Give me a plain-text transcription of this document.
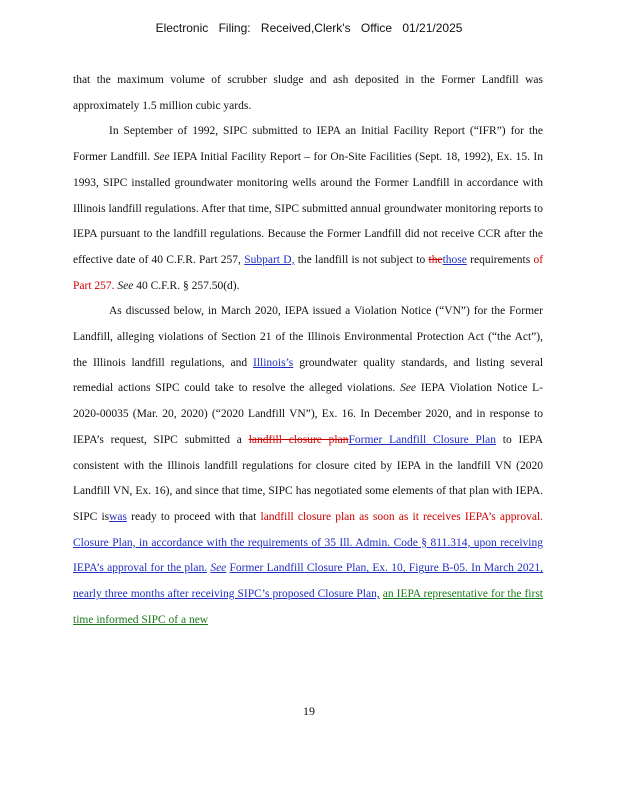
Electronic Filing: Received,Clerk's Office 01/21/2025

that the maximum volume of scrubber sludge and ash deposited in the Former Landfill was approximately 1.5 million cubic yards.

In September of 1992, SIPC submitted to IEPA an Initial Facility Report (“IFR”) for the Former Landfill. See IEPA Initial Facility Report – for On-Site Facilities (Sept. 18, 1992), Ex. 15. In 1993, SIPC installed groundwater monitoring wells around the Former Landfill in accordance with Illinois landfill regulations. After that time, SIPC submitted annual groundwater monitoring reports to IEPA pursuant to the landfill regulations. Because the Former Landfill did not receive CCR after the effective date of 40 C.F.R. Part 257, Subpart D, the landfill is not subject to thethose requirements of Part 257. See 40 C.F.R. § 257.50(d).

As discussed below, in March 2020, IEPA issued a Violation Notice (“VN”) for the Former Landfill, alleging violations of Section 21 of the Illinois Environmental Protection Act (“the Act”), the Illinois landfill regulations, and Illinois’s groundwater quality standards, and listing several remedial actions SIPC could take to resolve the alleged violations. See IEPA Violation Notice L-2020-00035 (Mar. 20, 2020) (“2020 Landfill VN”), Ex. 16. In December 2020, and in response to IEPA’s request, SIPC submitted a landfill closure planFormer Landfill Closure Plan to IEPA consistent with the Illinois landfill regulations for closure cited by IEPA in the landfill VN (2020 Landfill VN, Ex. 16), and since that time, SIPC has negotiated some elements of that plan with IEPA. SIPC iswas ready to proceed with that landfill closure plan as soon as it receives IEPA’s approval. Closure Plan, in accordance with the requirements of 35 Ill. Admin. Code § 811.314, upon receiving IEPA’s approval for the plan. See Former Landfill Closure Plan, Ex. 10, Figure B-05. In March 2021, nearly three months after receiving SIPC’s proposed Closure Plan, an IEPA representative for the first time informed SIPC of a new

19
